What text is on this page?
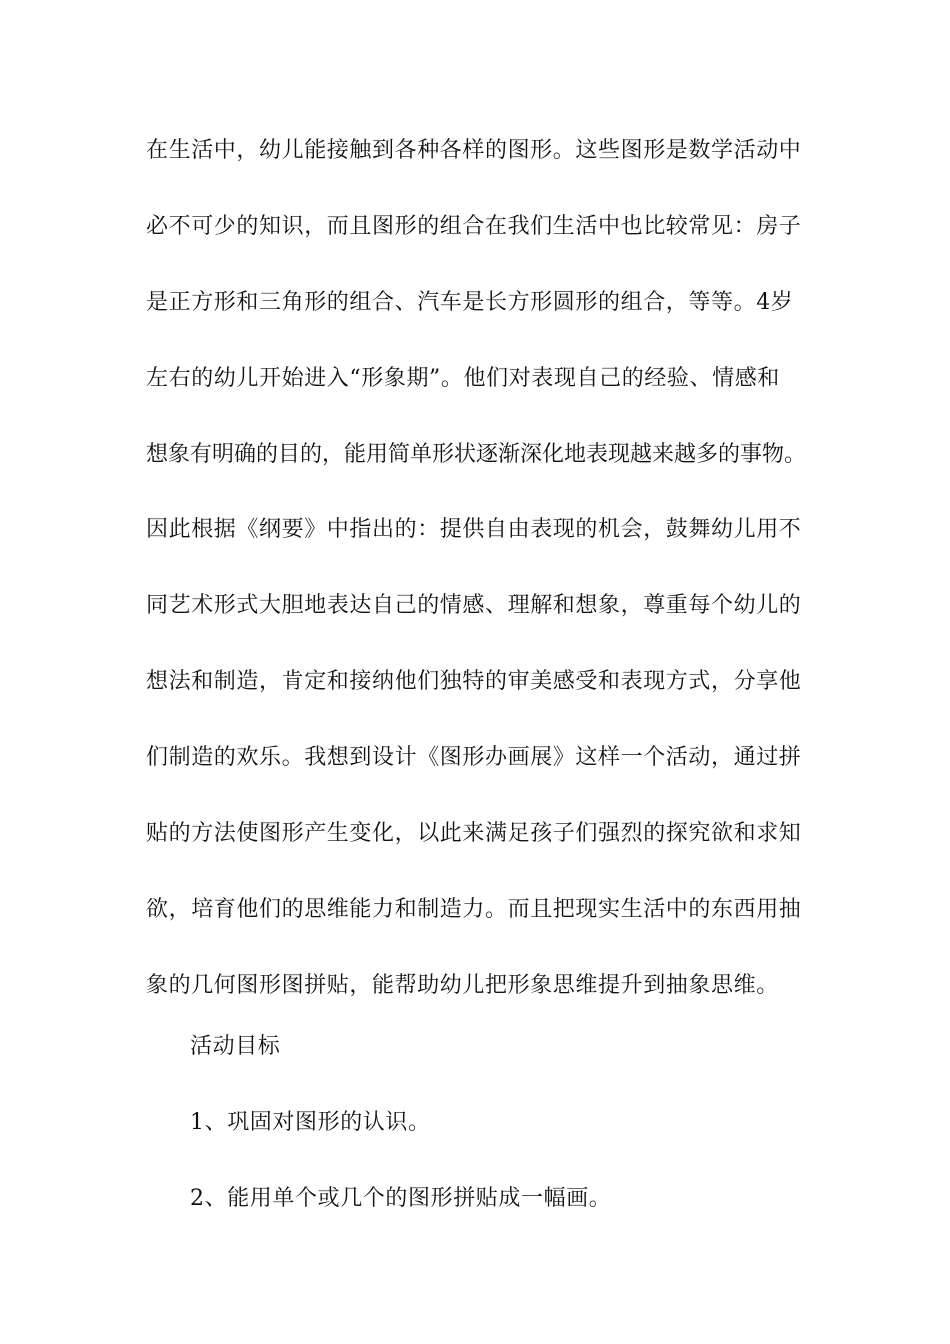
在生活中，幼儿能接触到各种各样的图形。这些图形是数学活动中
必不可少的知识，而且图形的组合在我们生活中也比较常见：房子
是正方形和三角形的组合、汽车是长方形圆形的组合，等等。4岁
左右的幼儿开始进入“形象期”。他们对表现自己的经验、情感和
想象有明确的目的，能用简单形状逐渐深化地表现越来越多的事物。
因此根据《纲要》中指出的：提供自由表现的机会，鼓舞幼儿用不
同艺术形式大胆地表达自己的情感、理解和想象，尊重每个幼儿的
想法和制造，肯定和接纳他们独特的审美感受和表现方式，分享他
们制造的欢乐。我想到设计《图形办画展》这样一个活动，通过拼
贴的方法使图形产生变化，以此来满足孩子们强烈的探究欲和求知
欲，培育他们的思维能力和制造力。而且把现实生活中的东西用抽
象的几何图形图拼贴，能帮助幼儿把形象思维提升到抽象思维。

活动目标

1、巩固对图形的认识。

2、能用单个或几个的图形拼贴成一幅画。
